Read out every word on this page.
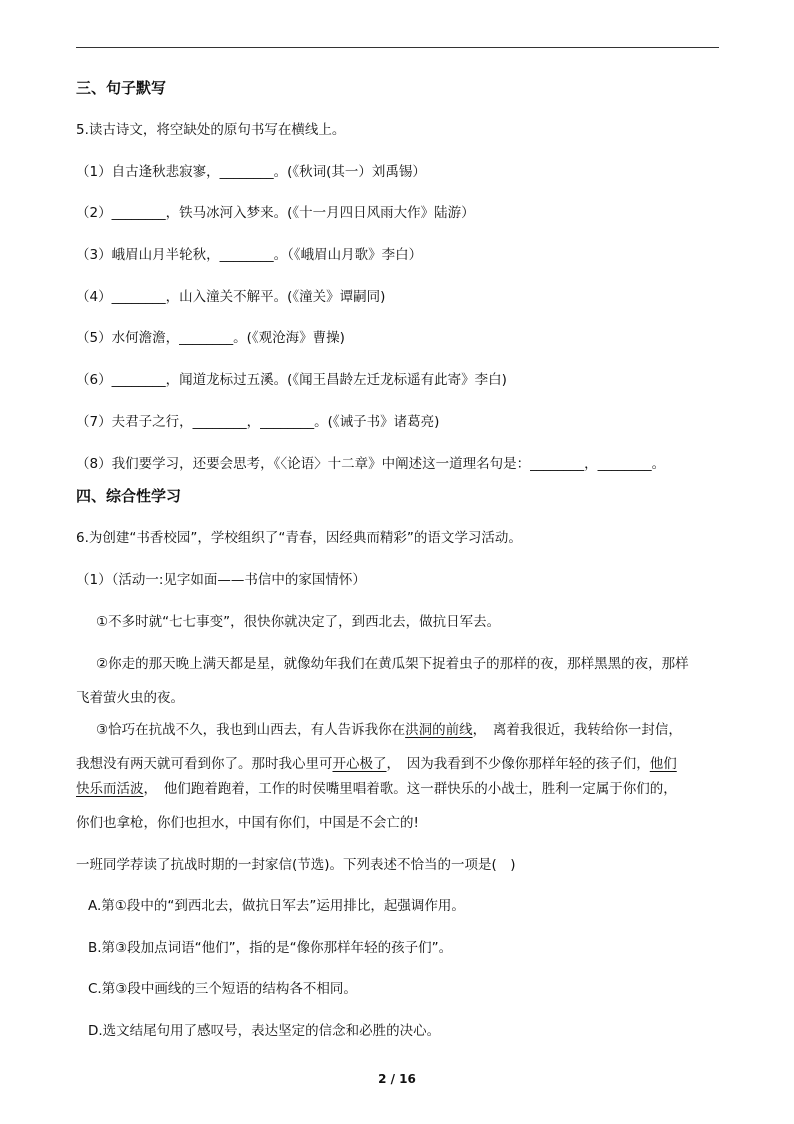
三、句子默写
5.读古诗文，将空缺处的原句书写在横线上。
（1）自古逢秋悲寂寥，________。(《秋词(其一）刘禹锡）
（2）________，铁马冰河入梦来。(《十一月四日风雨大作》陆游）
（3）峨眉山月半轮秋，________。（《峨眉山月歌》李白）
（4）________，山入潼关不解平。(《潼关》谭嗣同)
（5）水何澹澹，________。(《观沧海》曹操)
（6）________，闻道龙标过五溪。(《闻王昌龄左迁龙标遥有此寄》李白)
（7）夫君子之行，________，________。(《诫子书》诸葛亮)
（8）我们要学习，还要会思考，《〈论语〉十二章》中阐述这一道理名句是：________，________。
四、综合性学习
6.为创建“书香校园”，学校组织了“青春，因经典而精彩”的语文学习活动。
（1）（活动一:见字如面——书信中的家国情怀）
①不多时就“七七事变”，很快你就决定了，到西北去，做抗日军去。
②你走的那天晚上满天都是星，就像幼年我们在黄瓜架下捉着虫子的那样的夜，那样黑黑的夜，那样
飞着萤火虫的夜。
③恰巧在抗战不久，我也到山西去，有人告诉我你在洪洞的前线，　离着我很近，我转给你一封信，
我想没有两天就可看到你了。那时我心里可开心极了，　因为我看到不少像你那样年轻的孩子们，他们
快乐而活波，　他们跑着跑着，工作的时侯嘴里唱着歌。这一群快乐的小战士，胜利一定属于你们的，
你们也拿枪，你们也担水，中国有你们，中国是不会亡的!
一班同学荐读了抗战时期的一封家信(节选)。下列表述不恰当的一项是(　)
A.第①段中的“到西北去，做抗日军去”运用排比，起强调作用。
B.第③段加点词语“他们”，指的是“像你那样年轻的孩子们”。
C.第③段中画线的三个短语的结构各不相同。
D.选文结尾句用了感叹号，表达坚定的信念和必胜的决心。
2 / 16
